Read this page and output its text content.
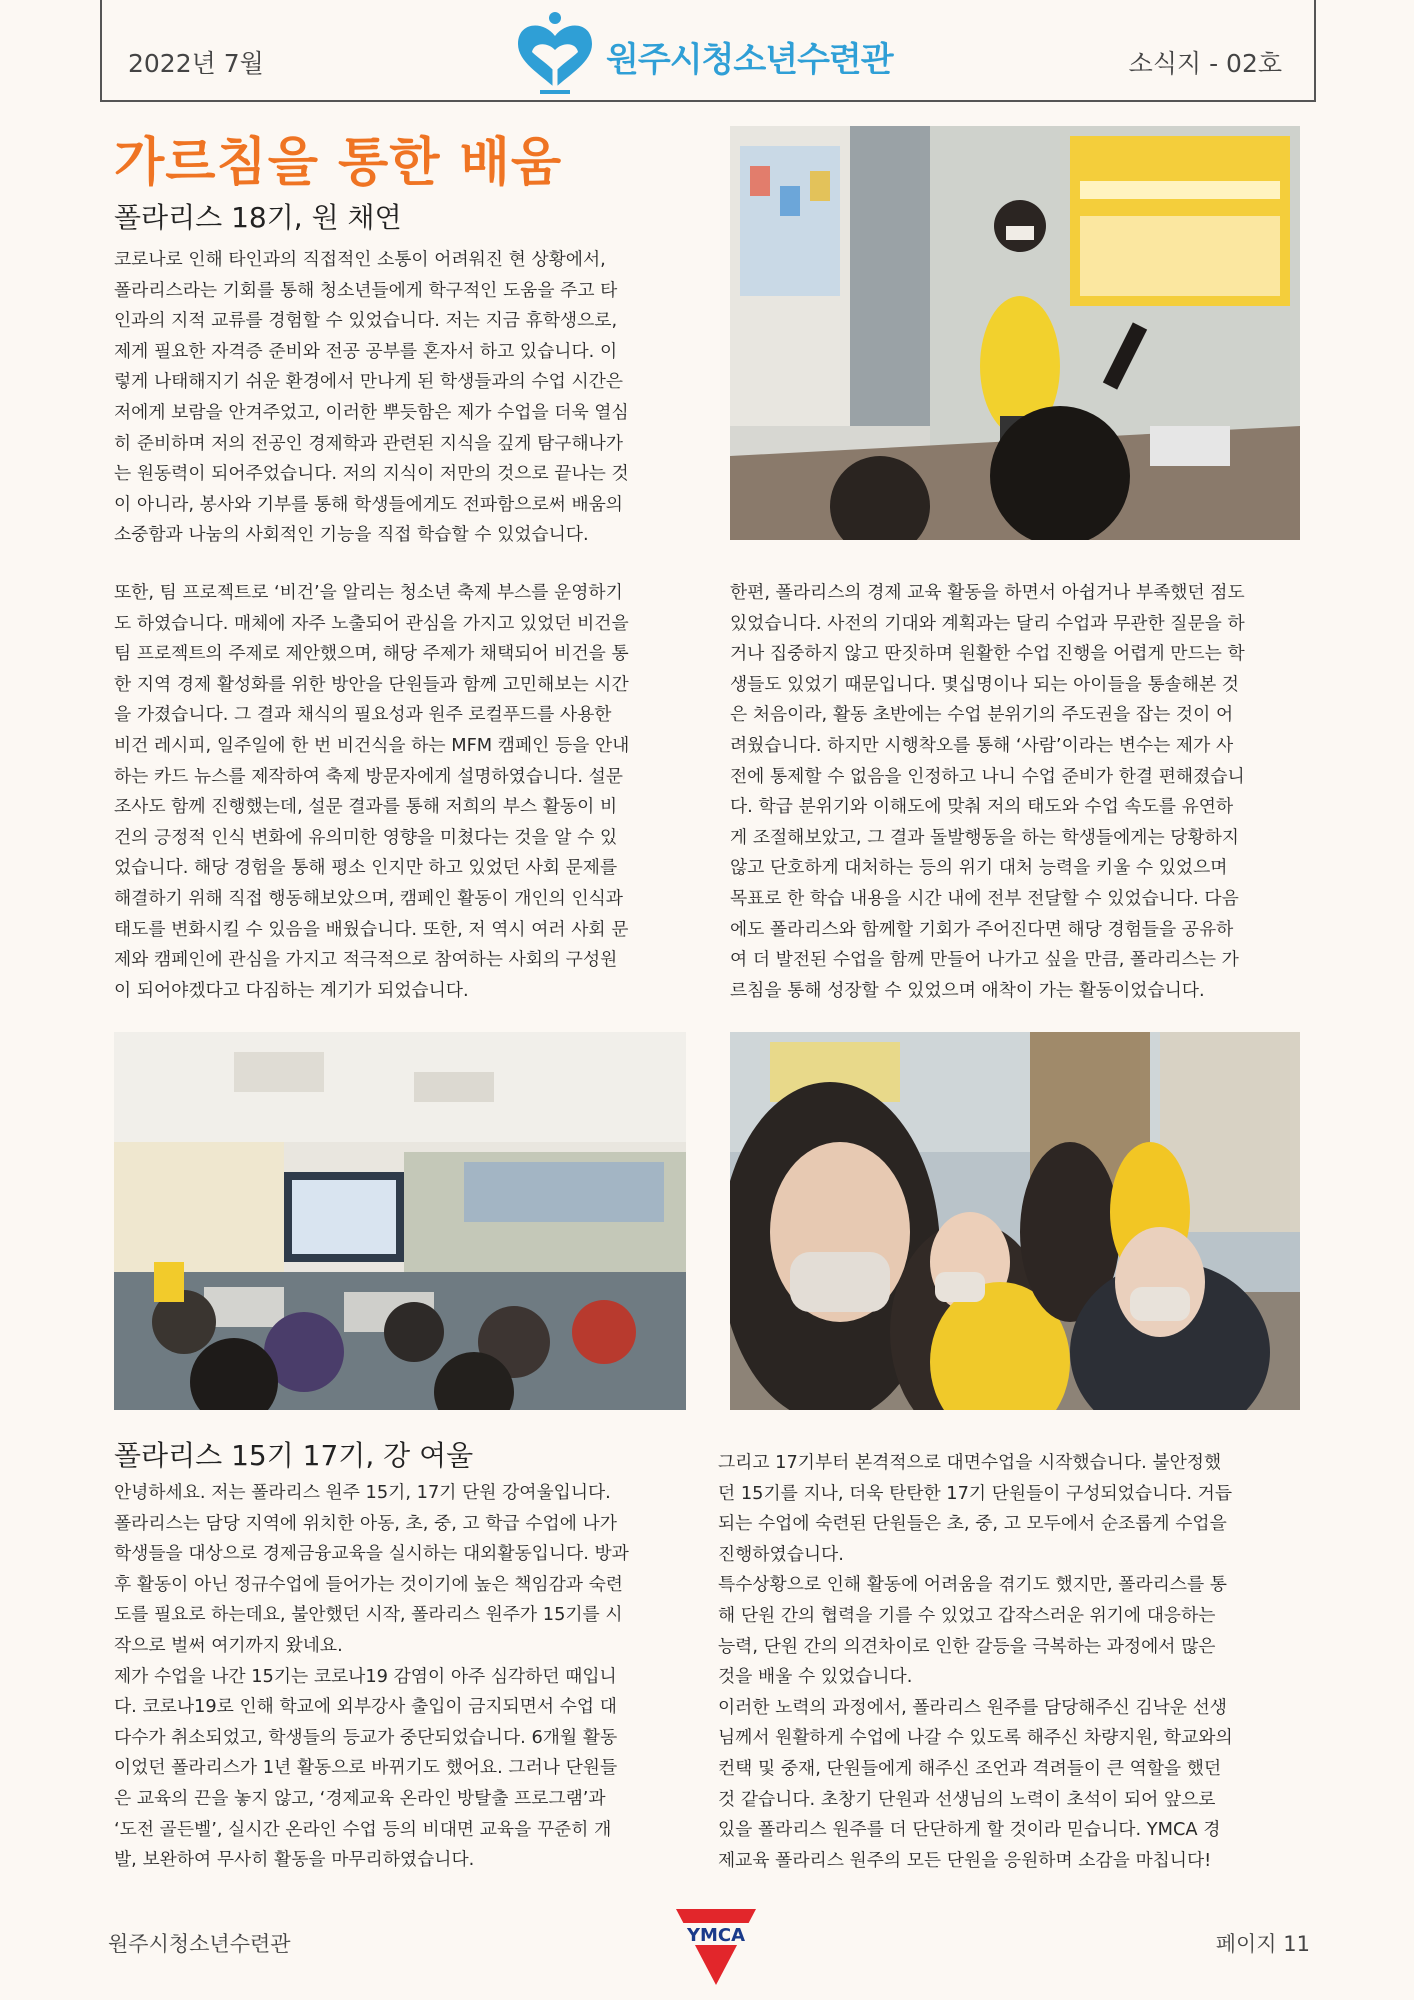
2022년 7월	원주시청소년수련관	소식지 - 02호
가르침을 통한 배움
폴라리스 18기, 원 채연
코로나로 인해 타인과의 직접적인 소통이 어려워진 현 상황에서,
폴라리스라는 기회를 통해 청소년들에게 학구적인 도움을 주고 타
인과의 지적 교류를 경험할 수 있었습니다. 저는 지금 휴학생으로,
제게 필요한 자격증 준비와 전공 공부를 혼자서 하고 있습니다. 이
렇게 나태해지기 쉬운 환경에서 만나게 된 학생들과의 수업 시간은
저에게 보람을 안겨주었고, 이러한 뿌듯함은 제가 수업을 더욱 열심
히 준비하며 저의 전공인 경제학과 관련된 지식을 깊게 탐구해나가
는 원동력이 되어주었습니다. 저의 지식이 저만의 것으로 끝나는 것
이 아니라, 봉사와 기부를 통해 학생들에게도 전파함으로써 배움의
소중함과 나눔의 사회적인 기능을 직접 학습할 수 있었습니다.
또한, 팀 프로젝트로 ‘비건’을 알리는 청소년 축제 부스를 운영하기
도 하였습니다. 매체에 자주 노출되어 관심을 가지고 있었던 비건을
팀 프로젝트의 주제로 제안했으며, 해당 주제가 채택되어 비건을 통
한 지역 경제 활성화를 위한 방안을 단원들과 함께 고민해보는 시간
을 가졌습니다. 그 결과 채식의 필요성과 원주 로컬푸드를 사용한
비건 레시피, 일주일에 한 번 비건식을 하는 MFM 캠페인 등을 안내
하는 카드 뉴스를 제작하여 축제 방문자에게 설명하였습니다. 설문
조사도 함께 진행했는데, 설문 결과를 통해 저희의 부스 활동이 비
건의 긍정적 인식 변화에 유의미한 영향을 미쳤다는 것을 알 수 있
었습니다. 해당 경험을 통해 평소 인지만 하고 있었던 사회 문제를
해결하기 위해 직접 행동해보았으며, 캠페인 활동이 개인의 인식과
태도를 변화시킬 수 있음을 배웠습니다. 또한, 저 역시 여러 사회 문
제와 캠페인에 관심을 가지고 적극적으로 참여하는 사회의 구성원
이 되어야겠다고 다짐하는 계기가 되었습니다.
한편, 폴라리스의 경제 교육 활동을 하면서 아쉽거나 부족했던 점도
있었습니다. 사전의 기대와 계획과는 달리 수업과 무관한 질문을 하
거나 집중하지 않고 딴짓하며 원활한 수업 진행을 어렵게 만드는 학
생들도 있었기 때문입니다. 몇십명이나 되는 아이들을 통솔해본 것
은 처음이라, 활동 초반에는 수업 분위기의 주도권을 잡는 것이 어
려웠습니다. 하지만 시행착오를 통해 ‘사람’이라는 변수는 제가 사
전에 통제할 수 없음을 인정하고 나니 수업 준비가 한결 편해졌습니
다. 학급 분위기와 이해도에 맞춰 저의 태도와 수업 속도를 유연하
게 조절해보았고, 그 결과 돌발행동을 하는 학생들에게는 당황하지
않고 단호하게 대처하는 등의 위기 대처 능력을 키울 수 있었으며
목표로 한 학습 내용을 시간 내에 전부 전달할 수 있었습니다. 다음
에도 폴라리스와 함께할 기회가 주어진다면 해당 경험들을 공유하
여 더 발전된 수업을 함께 만들어 나가고 싶을 만큼, 폴라리스는 가
르침을 통해 성장할 수 있었으며 애착이 가는 활동이었습니다.
폴라리스 15기 17기, 강 여울
안녕하세요. 저는 폴라리스 원주 15기, 17기 단원 강여울입니다.
폴라리스는 담당 지역에 위치한 아동, 초, 중, 고 학급 수업에 나가
학생들을 대상으로 경제금융교육을 실시하는 대외활동입니다. 방과
후 활동이 아닌 정규수업에 들어가는 것이기에 높은 책임감과 숙련
도를 필요로 하는데요, 불안했던 시작, 폴라리스 원주가 15기를 시
작으로 벌써 여기까지 왔네요.
제가 수업을 나간 15기는 코로나19 감염이 아주 심각하던 때입니
다. 코로나19로 인해 학교에 외부강사 출입이 금지되면서 수업 대
다수가 취소되었고, 학생들의 등교가 중단되었습니다. 6개월 활동
이었던 폴라리스가 1년 활동으로 바뀌기도 했어요. 그러나 단원들
은 교육의 끈을 놓지 않고, ‘경제교육 온라인 방탈출 프로그램’과
‘도전 골든벨’, 실시간 온라인 수업 등의 비대면 교육을 꾸준히 개
발, 보완하여 무사히 활동을 마무리하였습니다.
그리고 17기부터 본격적으로 대면수업을 시작했습니다. 불안정했
던 15기를 지나, 더욱 탄탄한 17기 단원들이 구성되었습니다. 거듭
되는 수업에 숙련된 단원들은 초, 중, 고 모두에서 순조롭게 수업을
진행하였습니다.
특수상황으로 인해 활동에 어려움을 겪기도 했지만, 폴라리스를 통
해 단원 간의 협력을 기를 수 있었고 갑작스러운 위기에 대응하는
능력, 단원 간의 의견차이로 인한 갈등을 극복하는 과정에서 많은
것을 배울 수 있었습니다.
이러한 노력의 과정에서, 폴라리스 원주를 담당해주신 김낙운 선생
님께서 원활하게 수업에 나갈 수 있도록 해주신 차량지원, 학교와의
컨택 및 중재, 단원들에게 해주신 조언과 격려들이 큰 역할을 했던
것 같습니다. 초창기 단원과 선생님의 노력이 초석이 되어 앞으로
있을 폴라리스 원주를 더 단단하게 할 것이라 믿습니다. YMCA 경
제교육 폴라리스 원주의 모든 단원을 응원하며 소감을 마칩니다!
원주시청소년수련관	YMCA	페이지 11
